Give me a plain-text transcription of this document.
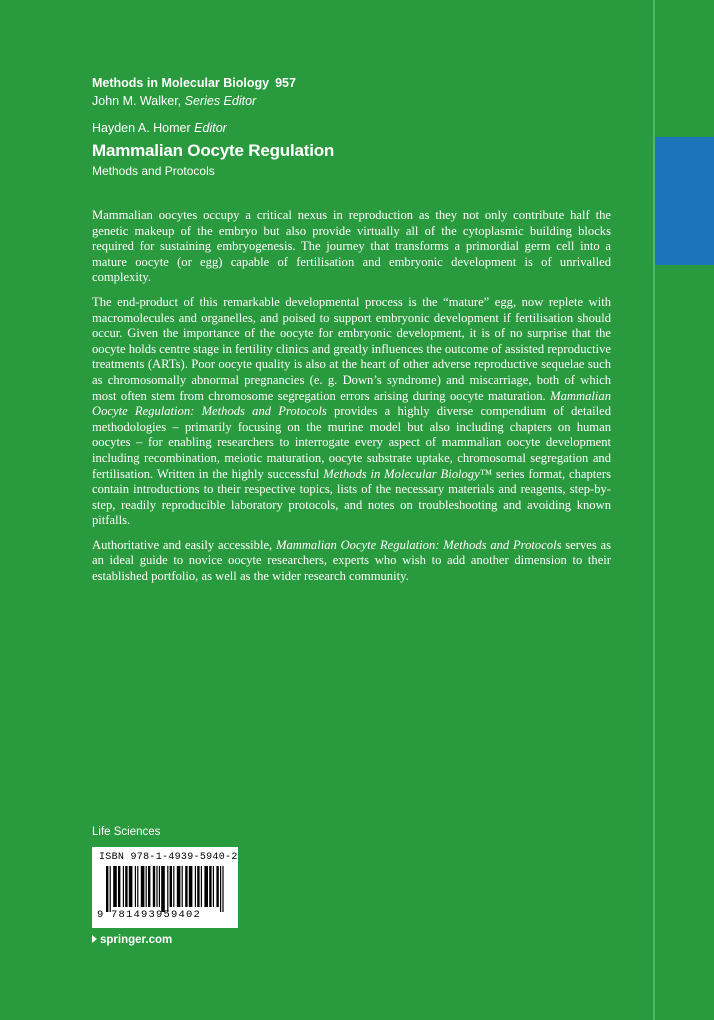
Methods in Molecular Biology 957
John M. Walker, Series Editor
Hayden A. Homer Editor
Mammalian Oocyte Regulation
Methods and Protocols

Mammalian oocytes occupy a critical nexus in reproduction as they not only contribute half the genetic makeup of the embryo but also provide virtually all of the cytoplasmic building blocks required for sustaining embryogenesis. The journey that transforms a primordial germ cell into a mature oocyte (or egg) capable of fertilisation and embryonic development is of unrivalled complexity.

The end-product of this remarkable developmental process is the “mature” egg, now replete with macromolecules and organelles, and poised to support embryonic development if fertilisation should occur. Given the importance of the oocyte for embryonic development, it is of no surprise that the oocyte holds centre stage in fertility clinics and greatly influences the outcome of assisted reproductive treatments (ARTs). Poor oocyte quality is also at the heart of other adverse reproductive sequelae such as chromosomally abnormal pregnancies (e. g. Down’s syndrome) and miscarriage, both of which most often stem from chromosome segregation errors arising during oocyte maturation. Mammalian Oocyte Regulation: Methods and Protocols provides a highly diverse compendium of detailed methodologies – primarily focusing on the murine model but also including chapters on human oocytes – for enabling researchers to interrogate every aspect of mammalian oocyte development including recombination, meiotic maturation, oocyte substrate uptake, chromosomal segregation and fertilisation. Written in the highly successful Methods in Molecular Biology™ series format, chapters contain introductions to their respective topics, lists of the necessary materials and reagents, step-by-step, readily reproducible laboratory protocols, and notes on troubleshooting and avoiding known pitfalls.

Authoritative and easily accessible, Mammalian Oocyte Regulation: Methods and Protocols serves as an ideal guide to novice oocyte researchers, experts who wish to add another dimension to their established portfolio, as well as the wider research community.

Life Sciences
ISBN 978-1-4939-5940-2
9 781493959402
springer.com
